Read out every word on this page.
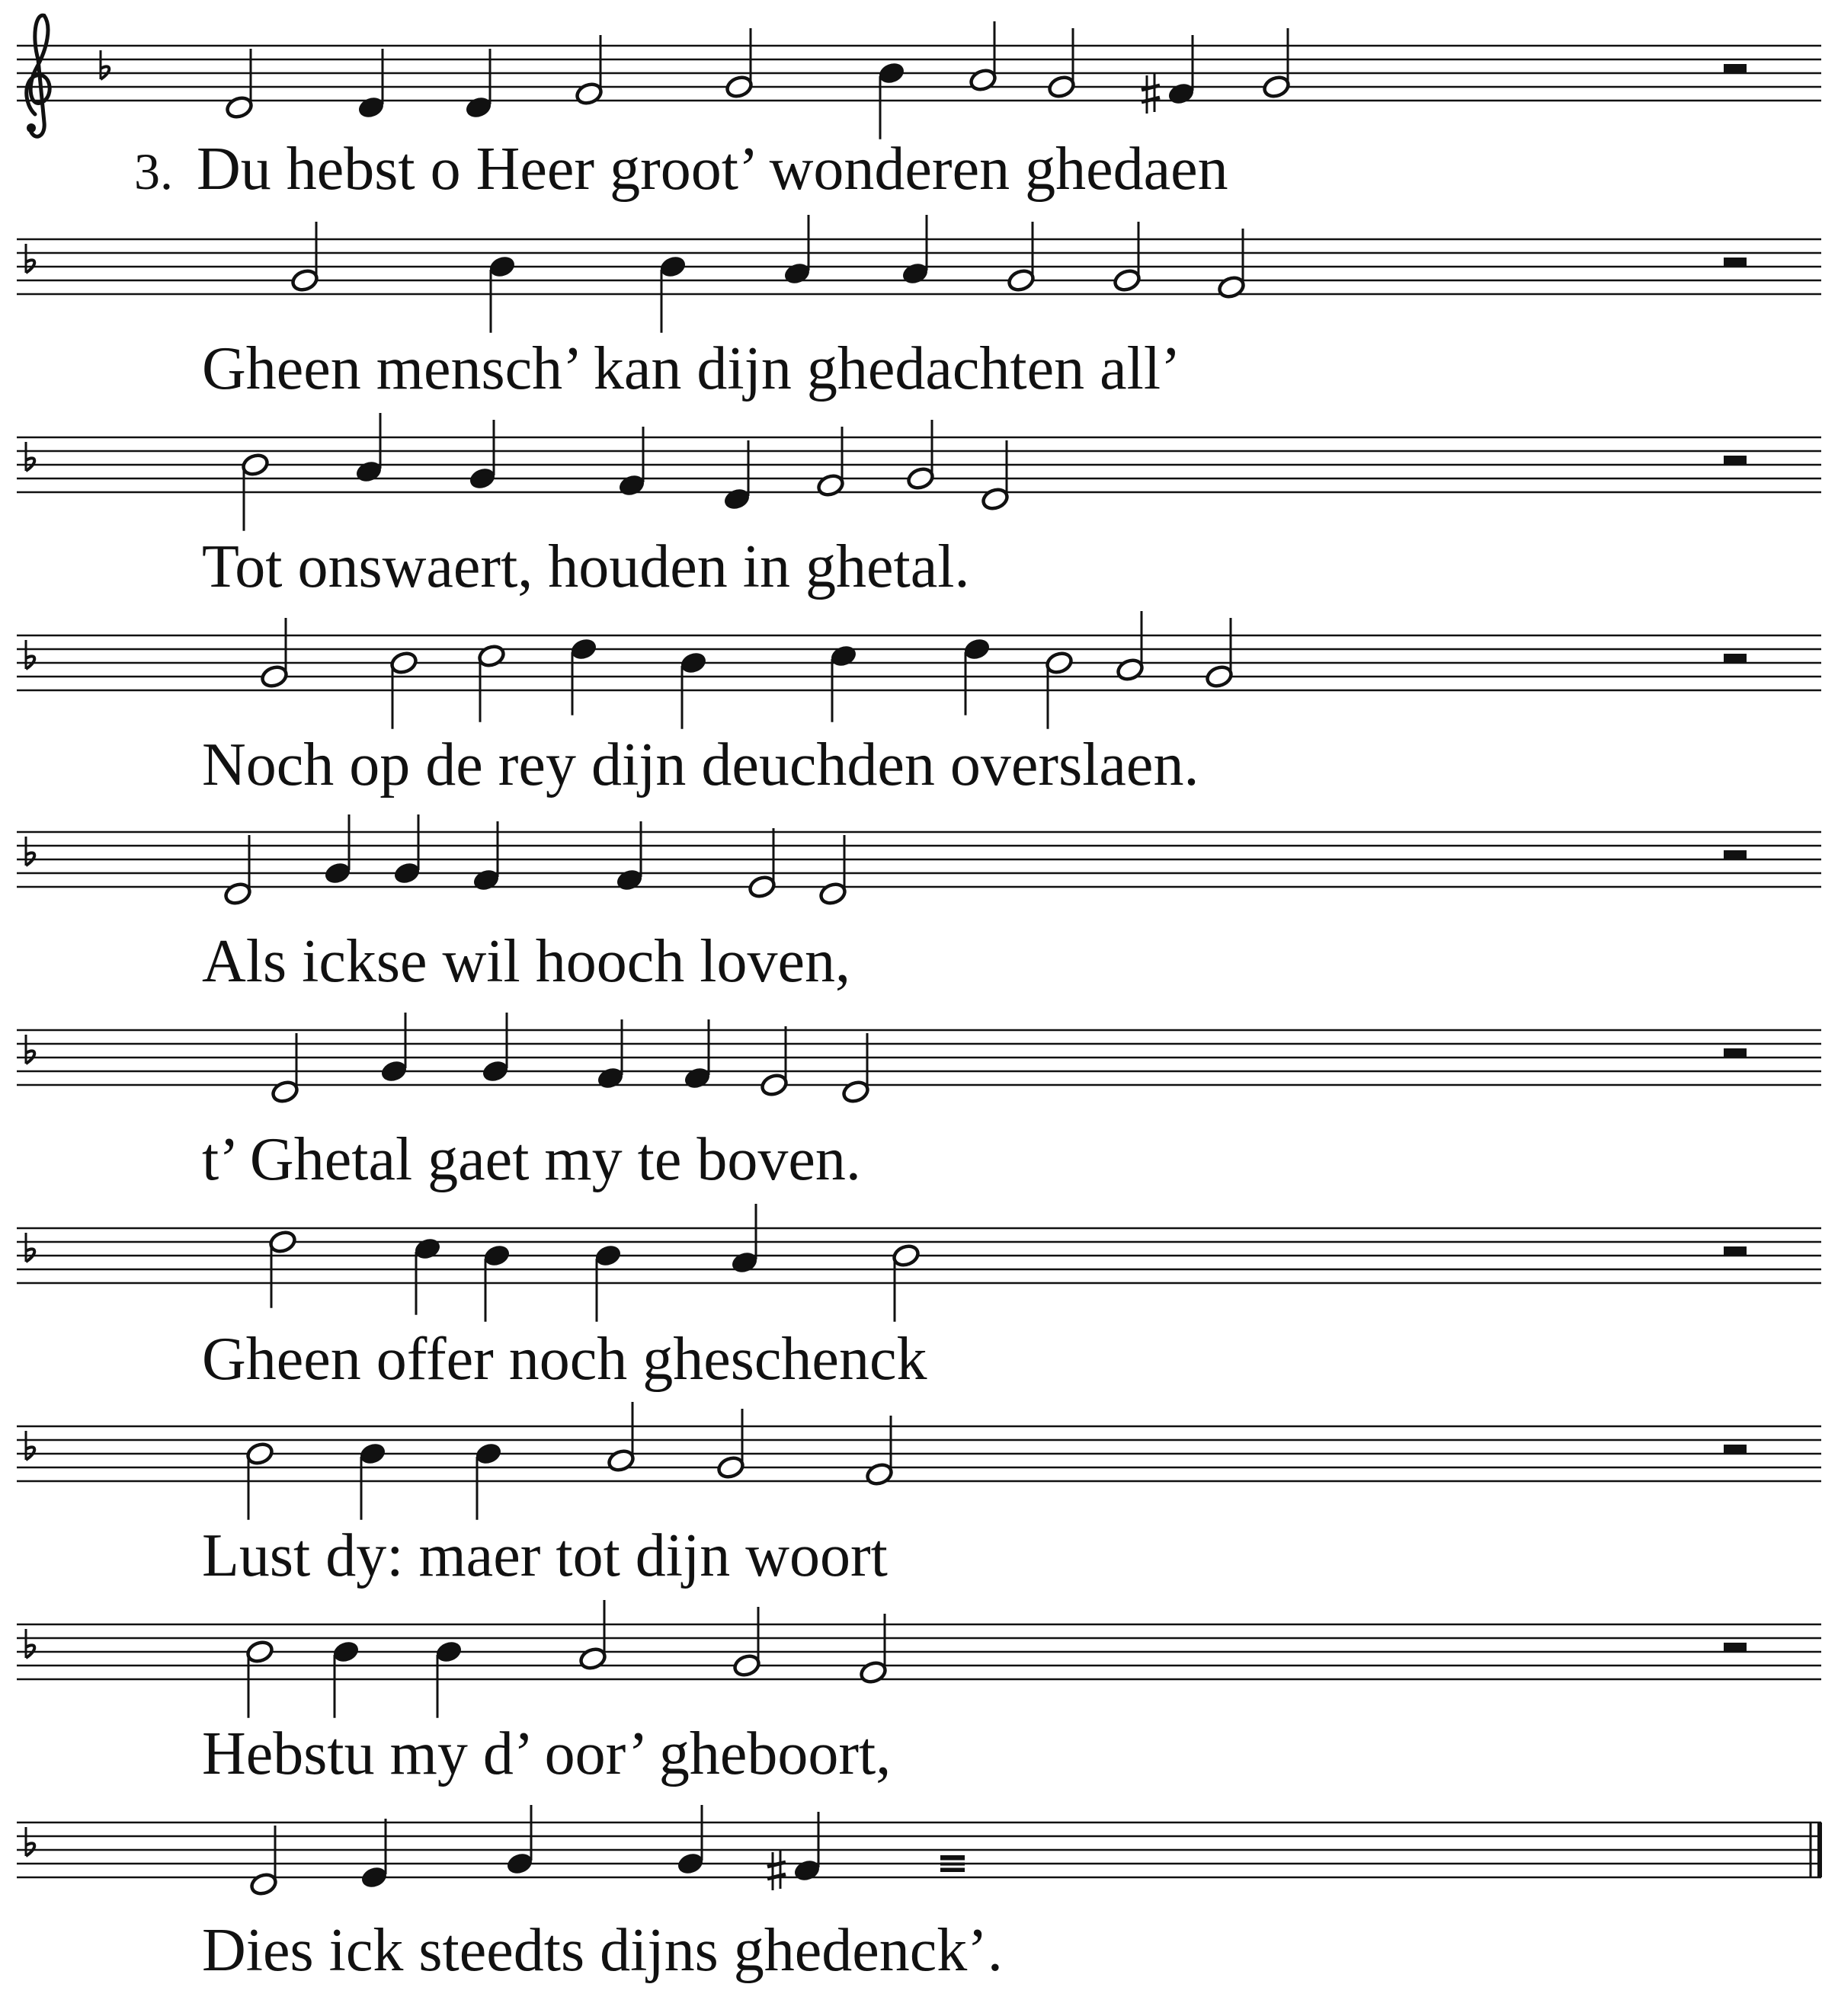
3. Du hebst o Heer groot’ wonderen ghedaen
Gheen mensch’ kan dijn ghedachten all’
Tot onswaert, houden in ghetal.
Noch op de rey dijn deuchden overslaen.
Als ickse wil hooch loven,
t’ Ghetal gaet my te boven.
Gheen offer noch gheschenck
Lust dy: maer tot dijn woort
Hebstu my d’ oor’ gheboort,
Dies ick steedts dijns ghedenck’.
